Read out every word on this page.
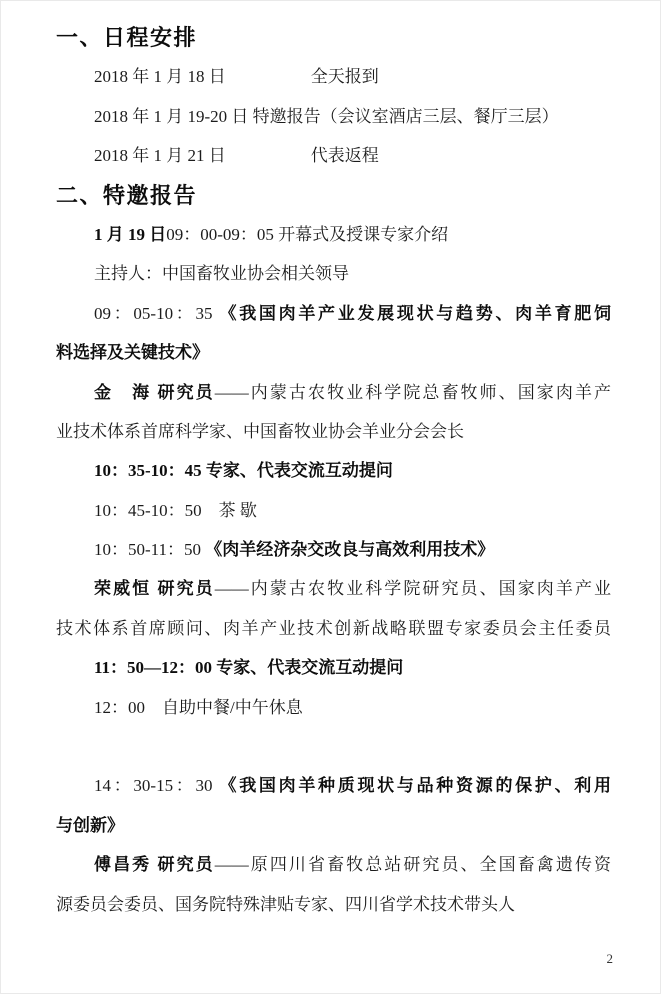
一、日程安排
2018 年 1 月 18 日　　　　　全天报到
2018 年 1 月 19-20 日 特邀报告（会议室酒店三层、餐厅三层）
2018 年 1 月 21 日　　　　　代表返程
二、特邀报告
1 月 19 日09：00-09：05 开幕式及授课专家介绍
主持人：中国畜牧业协会相关领导
09：05-10：35 《我国肉羊产业发展现状与趋势、肉羊育肥饲
料选择及关键技术》
金　海 研究员——内蒙古农牧业科学院总畜牧师、国家肉羊产
业技术体系首席科学家、中国畜牧业协会羊业分会会长
10：35-10：45 专家、代表交流互动提问
10：45-10：50　茶 歇
10：50-11：50 《肉羊经济杂交改良与高效利用技术》
荣威恒 研究员——内蒙古农牧业科学院研究员、国家肉羊产业
技术体系首席顾问、肉羊产业技术创新战略联盟专家委员会主任委员
11：50—12：00 专家、代表交流互动提问
12：00　自助中餐/中午休息
14：30-15：30 《我国肉羊种质现状与品种资源的保护、利用
与创新》
傅昌秀 研究员——原四川省畜牧总站研究员、全国畜禽遗传资
源委员会委员、国务院特殊津贴专家、四川省学术技术带头人
2
